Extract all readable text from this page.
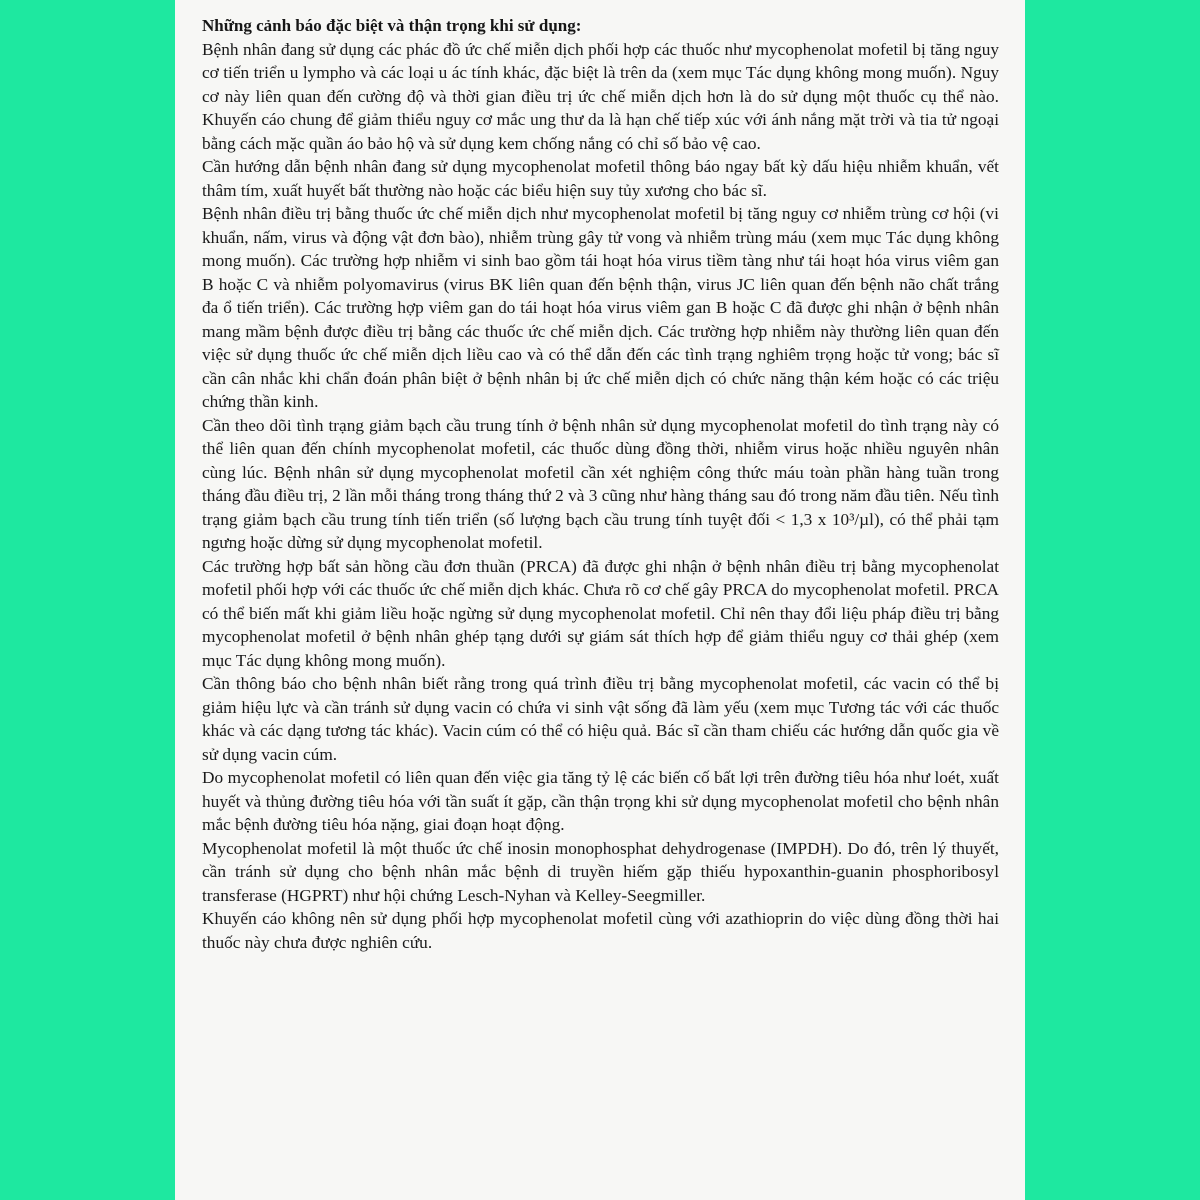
Những cảnh báo đặc biệt và thận trọng khi sử dụng:

Bệnh nhân đang sử dụng các phác đồ ức chế miễn dịch phối hợp các thuốc như mycophenolat mofetil bị tăng nguy cơ tiến triển u lympho và các loại u ác tính khác, đặc biệt là trên da (xem mục Tác dụng không mong muốn). Nguy cơ này liên quan đến cường độ và thời gian điều trị ức chế miễn dịch hơn là do sử dụng một thuốc cụ thể nào. Khuyến cáo chung để giảm thiểu nguy cơ mắc ung thư da là hạn chế tiếp xúc với ánh nắng mặt trời và tia tử ngoại bằng cách mặc quần áo bảo hộ và sử dụng kem chống nắng có chỉ số bảo vệ cao.

Cần hướng dẫn bệnh nhân đang sử dụng mycophenolat mofetil thông báo ngay bất kỳ dấu hiệu nhiễm khuẩn, vết thâm tím, xuất huyết bất thường nào hoặc các biểu hiện suy tủy xương cho bác sĩ.

Bệnh nhân điều trị bằng thuốc ức chế miễn dịch như mycophenolat mofetil bị tăng nguy cơ nhiễm trùng cơ hội (vi khuẩn, nấm, virus và động vật đơn bào), nhiễm trùng gây tử vong và nhiễm trùng máu (xem mục Tác dụng không mong muốn). Các trường hợp nhiễm vi sinh bao gồm tái hoạt hóa virus tiềm tàng như tái hoạt hóa virus viêm gan B hoặc C và nhiễm polyomavirus (virus BK liên quan đến bệnh thận, virus JC liên quan đến bệnh não chất trắng đa ổ tiến triển). Các trường hợp viêm gan do tái hoạt hóa virus viêm gan B hoặc C đã được ghi nhận ở bệnh nhân mang mầm bệnh được điều trị bằng các thuốc ức chế miễn dịch. Các trường hợp nhiễm này thường liên quan đến việc sử dụng thuốc ức chế miễn dịch liều cao và có thể dẫn đến các tình trạng nghiêm trọng hoặc tử vong; bác sĩ cần cân nhắc khi chẩn đoán phân biệt ở bệnh nhân bị ức chế miễn dịch có chức năng thận kém hoặc có các triệu chứng thần kinh.

Cần theo dõi tình trạng giảm bạch cầu trung tính ở bệnh nhân sử dụng mycophenolat mofetil do tình trạng này có thể liên quan đến chính mycophenolat mofetil, các thuốc dùng đồng thời, nhiễm virus hoặc nhiều nguyên nhân cùng lúc. Bệnh nhân sử dụng mycophenolat mofetil cần xét nghiệm công thức máu toàn phần hàng tuần trong tháng đầu điều trị, 2 lần mỗi tháng trong tháng thứ 2 và 3 cũng như hàng tháng sau đó trong năm đầu tiên. Nếu tình trạng giảm bạch cầu trung tính tiến triển (số lượng bạch cầu trung tính tuyệt đối < 1,3 x 10³/µl), có thể phải tạm ngưng hoặc dừng sử dụng mycophenolat mofetil.

Các trường hợp bất sản hồng cầu đơn thuần (PRCA) đã được ghi nhận ở bệnh nhân điều trị bằng mycophenolat mofetil phối hợp với các thuốc ức chế miễn dịch khác. Chưa rõ cơ chế gây PRCA do mycophenolat mofetil. PRCA có thể biến mất khi giảm liều hoặc ngừng sử dụng mycophenolat mofetil. Chỉ nên thay đổi liệu pháp điều trị bằng mycophenolat mofetil ở bệnh nhân ghép tạng dưới sự giám sát thích hợp để giảm thiểu nguy cơ thải ghép (xem mục Tác dụng không mong muốn).

Cần thông báo cho bệnh nhân biết rằng trong quá trình điều trị bằng mycophenolat mofetil, các vacin có thể bị giảm hiệu lực và cần tránh sử dụng vacin có chứa vi sinh vật sống đã làm yếu (xem mục Tương tác với các thuốc khác và các dạng tương tác khác). Vacin cúm có thể có hiệu quả. Bác sĩ cần tham chiếu các hướng dẫn quốc gia về sử dụng vacin cúm.

Do mycophenolat mofetil có liên quan đến việc gia tăng tỷ lệ các biến cố bất lợi trên đường tiêu hóa như loét, xuất huyết và thủng đường tiêu hóa với tần suất ít gặp, cần thận trọng khi sử dụng mycophenolat mofetil cho bệnh nhân mắc bệnh đường tiêu hóa nặng, giai đoạn hoạt động.

Mycophenolat mofetil là một thuốc ức chế inosin monophosphat dehydrogenase (IMPDH). Do đó, trên lý thuyết, cần tránh sử dụng cho bệnh nhân mắc bệnh di truyền hiếm gặp thiếu hypoxanthin-guanin phosphoribosyl transferase (HGPRT) như hội chứng Lesch-Nyhan và Kelley-Seegmiller.

Khuyến cáo không nên sử dụng phối hợp mycophenolat mofetil cùng với azathioprin do việc dùng đồng thời hai thuốc này chưa được nghiên cứu.
